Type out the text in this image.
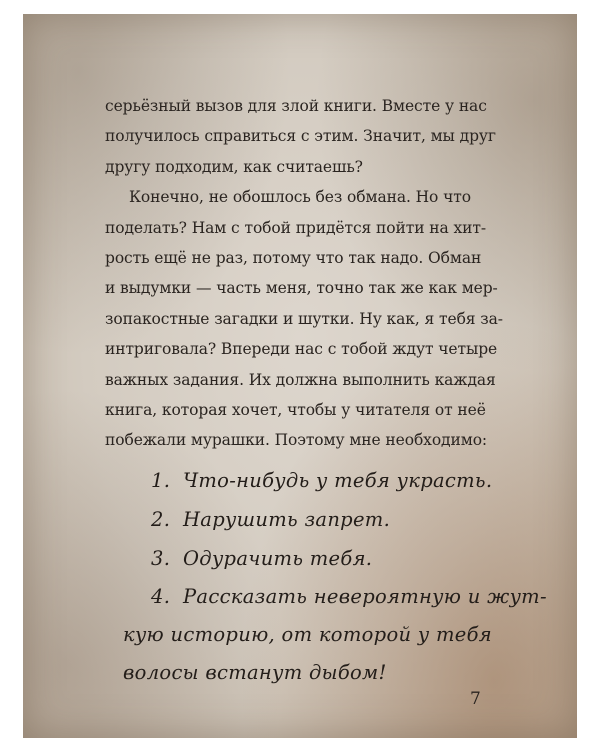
серьёзный вызов для злой книги. Вместе у нас
получилось справиться с этим. Значит, мы друг
другу подходим, как считаешь?

Конечно, не обошлось без обмана. Но что
поделать? Нам с тобой придётся пойти на хит-
рость ещё не раз, потому что так надо. Обман
и выдумки — часть меня, точно так же как мер-
зопакостные загадки и шутки. Ну как, я тебя за-
интриговала? Впереди нас с тобой ждут четыре
важных задания. Их должна выполнить каждая
книга, которая хочет, чтобы у читателя от неё
побежали мурашки. Поэтому мне необходимо:

1. Что-нибудь у тебя украсть.
2. Нарушить запрет.
3. Одурачить тебя.
4. Рассказать невероятную и жут-
кую историю, от которой у тебя
волосы встанут дыбом!
7
